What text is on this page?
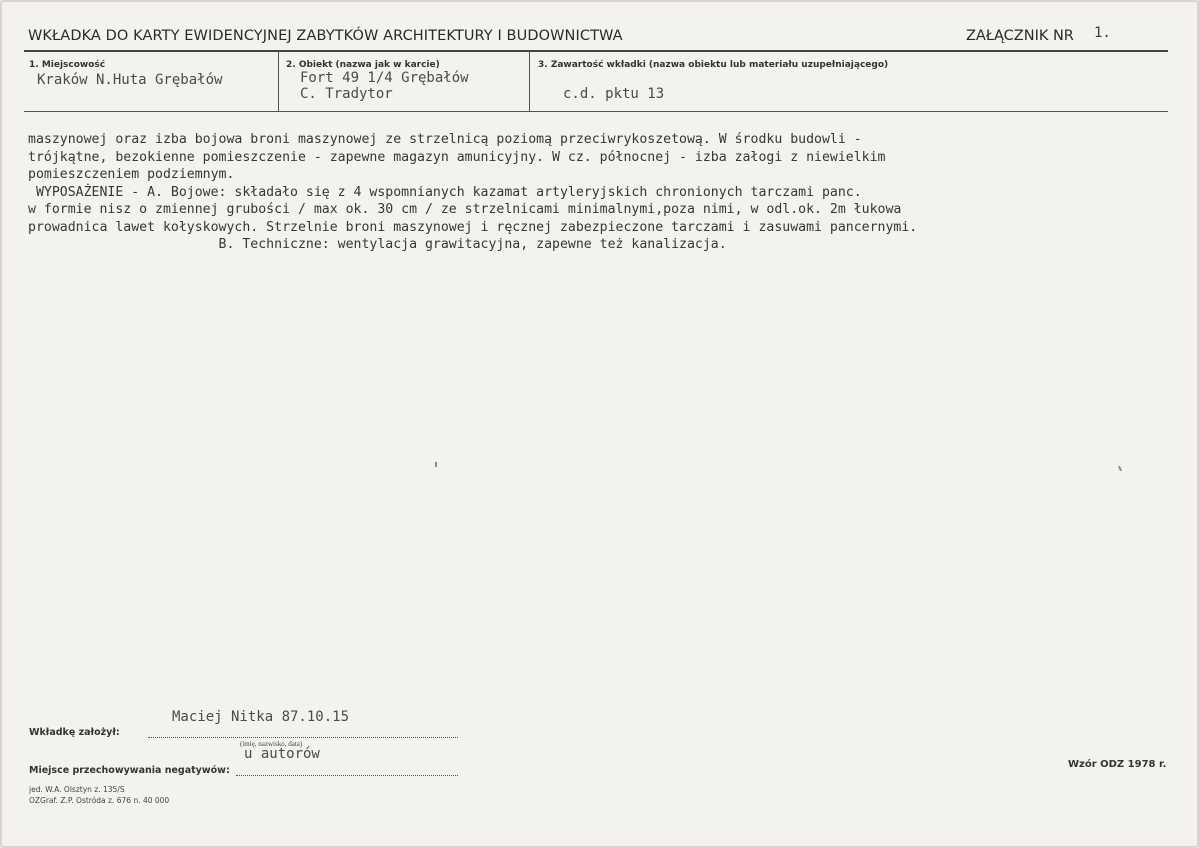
WKŁADKA DO KARTY EWIDENCYJNEJ ZABYTKÓW ARCHITEKTURY I BUDOWNICTWA	ZAŁĄCZNIK NR 1.
1. Miejscowość
Kraków N.Huta Grębałów
2. Obiekt (nazwa jak w karcie)
Fort 49 1/4 Grębałów
C. Tradytor
3. Zawartość wkładki (nazwa obiektu lub materiału uzupełniającego)
c.d. pktu 13
maszynowej oraz izba bojowa broni maszynowej ze strzelnicą poziomą przeciwrykoszetową. W środku budowli -
trójkątne, bezokienne pomieszczenie - zapewne magazyn amunicyjny. W cz. północnej - izba załogi z niewielkim
pomieszczeniem podziemnym.
WYPOSAŻENIE - A. Bojowe: składało się z 4 wspomnianych kazamat artyleryjskich chronionych tarczami panc.
w formie nisz o zmiennej grubości / max ok. 30 cm / ze strzelnicami minimalnymi,poza nimi, w odl.ok. 2m łukowa
prowadnica lawet kołyskowych. Strzelnie broni maszynowej i ręcznej zabezpieczone tarczami i zasuwami pancernymi.
B. Techniczne: wentylacja grawitacyjna, zapewne też kanalizacja.
Maciej Nitka 87.10.15
Wkładkę założył:
(imię, nazwisko, data)
u autorów
Miejsce przechowywania negatywów:
Wzór ODZ 1978 r.
jed. W.A. Olsztyn z. 135/S
OZGraf. Z.P. Ostróda z. 676 n. 40 000
